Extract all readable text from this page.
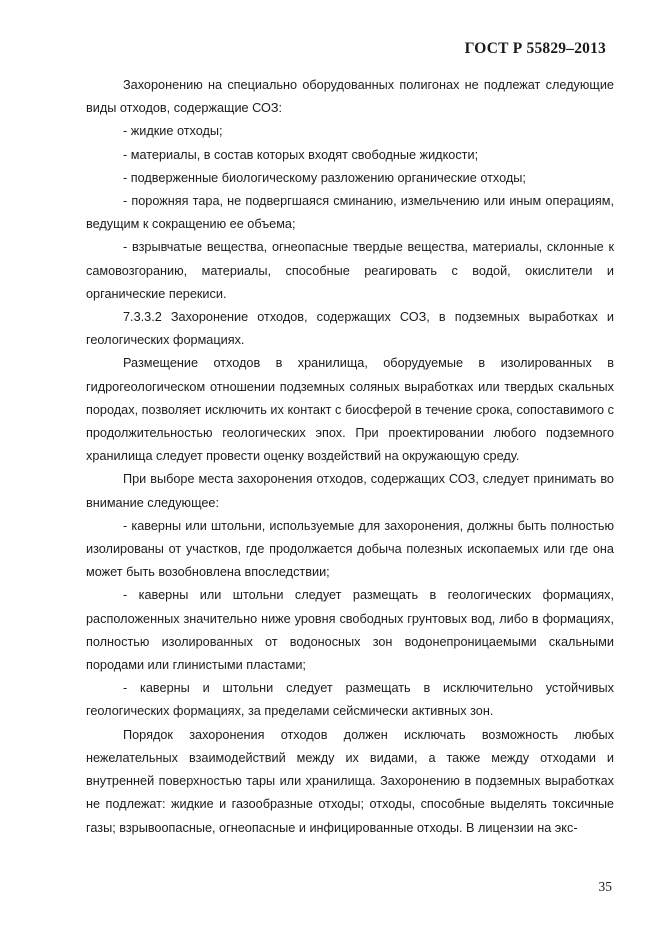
ГОСТ Р 55829–2013

Захоронению на специально оборудованных полигонах не подлежат следующие виды отходов, содержащие СОЗ:

- жидкие отходы;

- материалы, в состав которых входят свободные жидкости;

- подверженные биологическому разложению органические отходы;

- порожняя тара, не подвергшаяся сминанию, измельчению или иным операциям, ведущим к сокращению ее объема;

- взрывчатые вещества, огнеопасные твердые вещества, материалы, склонные к самовозгоранию, материалы, способные реагировать с водой, окислители и органические перекиси.

7.3.3.2 Захоронение отходов, содержащих СОЗ, в подземных выработках и геологических формациях.

Размещение отходов в хранилища, оборудуемые в изолированных в гидрогеологическом отношении подземных соляных выработках или твердых скальных породах, позволяет исключить их контакт с биосферой в течение срока, сопоставимого с продолжительностью геологических эпох. При проектировании любого подземного хранилища следует провести оценку воздействий на окружающую среду.

При выборе места захоронения отходов, содержащих СОЗ, следует принимать во внимание следующее:

- каверны или штольни, используемые для захоронения, должны быть полностью изолированы от участков, где продолжается добыча полезных ископаемых или где она может быть возобновлена впоследствии;

- каверны или штольни следует размещать в геологических формациях, расположенных значительно ниже уровня свободных грунтовых вод, либо в формациях, полностью изолированных от водоносных зон водонепроницаемыми скальными породами или глинистыми пластами;

- каверны и штольни следует размещать в исключительно устойчивых геологических формациях, за пределами сейсмически активных зон.

Порядок захоронения отходов должен исключать возможность любых нежелательных взаимодействий между их видами, а также между отходами и внутренней поверхностью тары или хранилища. Захоронению в подземных выработках не подлежат: жидкие и газообразные отходы; отходы, способные выделять токсичные газы; взрывоопасные, огнеопасные и инфицированные отходы. В лицензии на экс-

35
